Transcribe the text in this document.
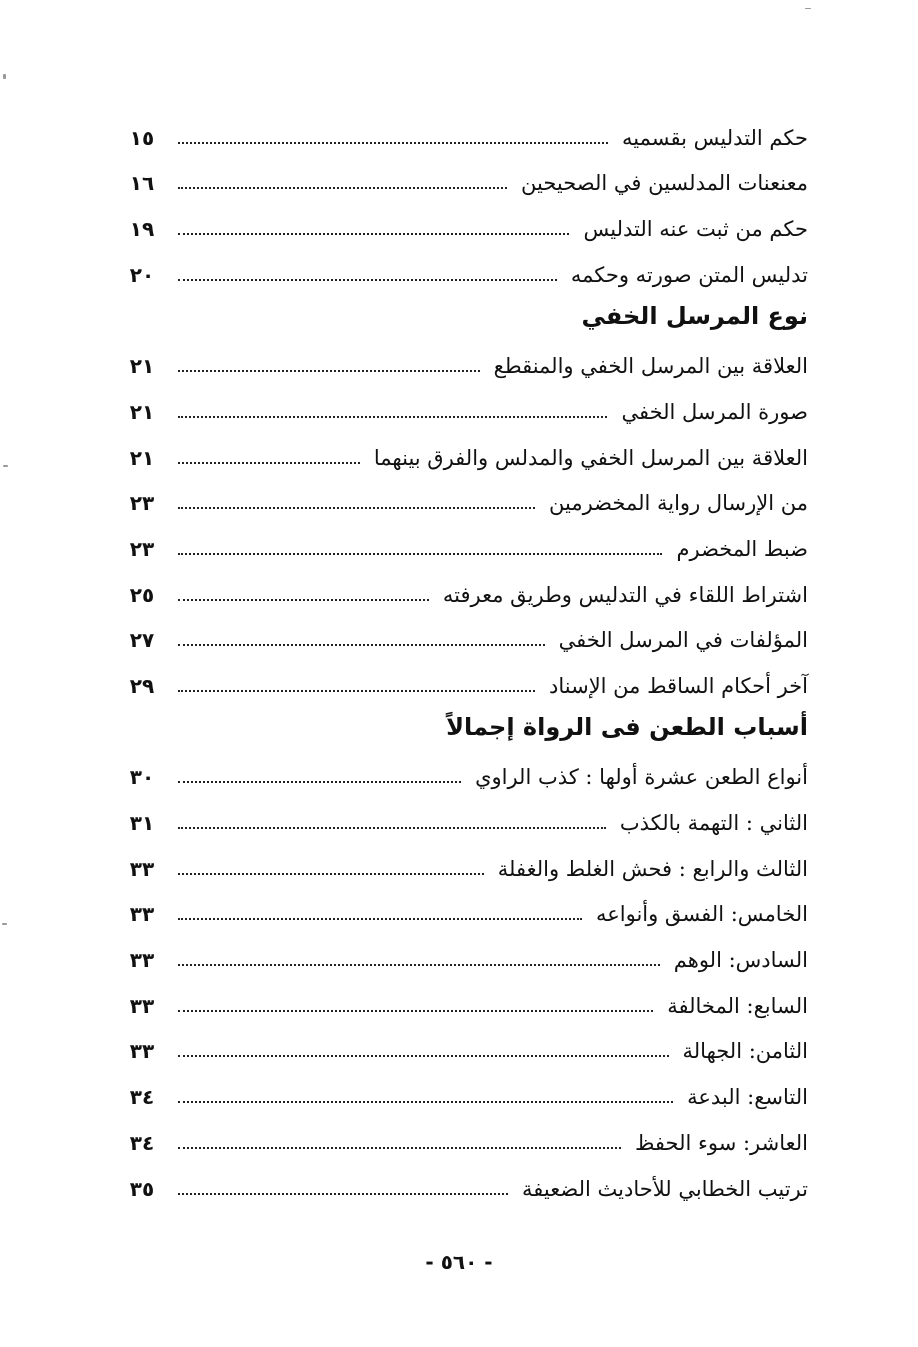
حكم التدليس بقسميه
١٥
معنعنات المدلسين في الصحيحين
١٦
حكم من ثبت عنه التدليس
١٩
تدليس المتن صورته وحكمه
٢٠
نوع المرسل الخفي
العلاقة بين المرسل الخفي والمنقطع
٢١
صورة المرسل الخفي
٢١
العلاقة بين المرسل الخفي والمدلس والفرق بينهما
٢١
من الإرسال رواية المخضرمين
٢٣
ضبط المخضرم
٢٣
اشتراط اللقاء في التدليس وطريق معرفته
٢٥
المؤلفات في المرسل الخفي
٢٧
آخر أحكام الساقط من الإسناد
٢٩
أسباب الطعن فى الرواة إجمالاً
أنواع الطعن عشرة أولها : كذب الراوي
٣٠
الثاني : التهمة بالكذب
٣١
الثالث والرابع : فحش الغلط والغفلة
٣٣
الخامس: الفسق وأنواعه
٣٣
السادس: الوهم
٣٣
السابع: المخالفة
٣٣
الثامن: الجهالة
٣٣
التاسع: البدعة
٣٤
العاشر: سوء الحفظ
٣٤
ترتيب الخطابي للأحاديث الضعيفة
٣٥
- ٥٦٠ -
